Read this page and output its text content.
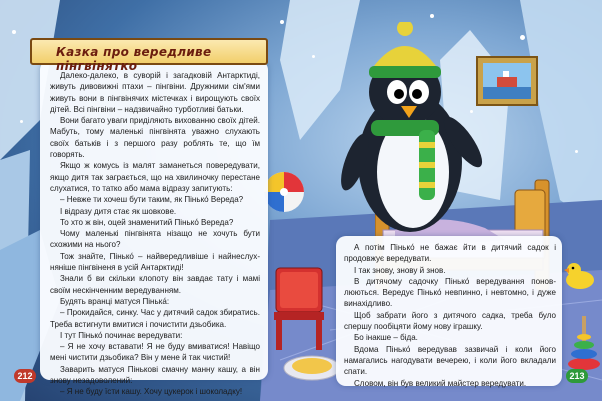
Казка про вередливе пінгвінятко

Далеко-далеко, в суворій і загадковій Антарктиді, живуть дивовижні птахи – пінгвіни. Дружними сім'ями живуть вони в пінгвінячих містечках і вирощують своїх дітей. Всі пінгвіни – надзвичайно турботливі батьки.

Вони багато уваги приділяють вихованню своїх дітей. Мабуть, тому маленькі пінгвінята уважно слухають своїх батьків і з першого разу роблять те, що їм говорять.

Якщо ж комусь із малят заманеться повередувати, якщо дитя так заграється, що на хвилиночку перестане слухатися, то татко або мама відразу запитують:

– Невже ти хочеш бути таким, як Пінько́ Вереда?

І відразу дитя стає як шовкове.

То хто ж він, оцей знаменитий Пінько́ Вереда?

Чому маленькі пінгвінята нізащо не хочуть бути схожими на нього?

Тож знайте, Пінько́ – найвередливіше і найнеслухняніше пінгвіненя в усій Антарктиді!

Знали б ви скільки клопоту він завдає тату і мамі своїм нескінченним вередуванням.

Будять вранці матуся Пінька́:

– Прокидайся, синку. Час у дитячий садок збиратись. Треба встигнути вмитися і почистити дзьобика.

І тут Пінько́ починає вередувати:

– Я не хочу вставати! Я не буду вмиватися! Навіщо мені чистити дзьобика? Він у мене й так чистий!

Заварить матуся Пінькові смачну манну кашу, а він знову незадоволений:

– Я не буду їсти кашу. Хочу цукерок і шоколадку!

212

А потім Пінько́ не бажає йти в дитячий садок і продовжує вередувати.

І так знову, знову й знов.

В дитячому садочку Пінько́ вередування поновлюються. Вередує Пінько́ невпинно, і невтомно, і дуже винахідливо.

Щоб забрати його з дитячого садка, треба було спершу пообіцяти йому нову іграшку.

Бо інакше – біда.

Вдома Пінько́ вередував зазвичай і коли його намагались нагодувати вечерею, і коли його вкладали спати.

Словом, він був великий майстер вередувати.

213
